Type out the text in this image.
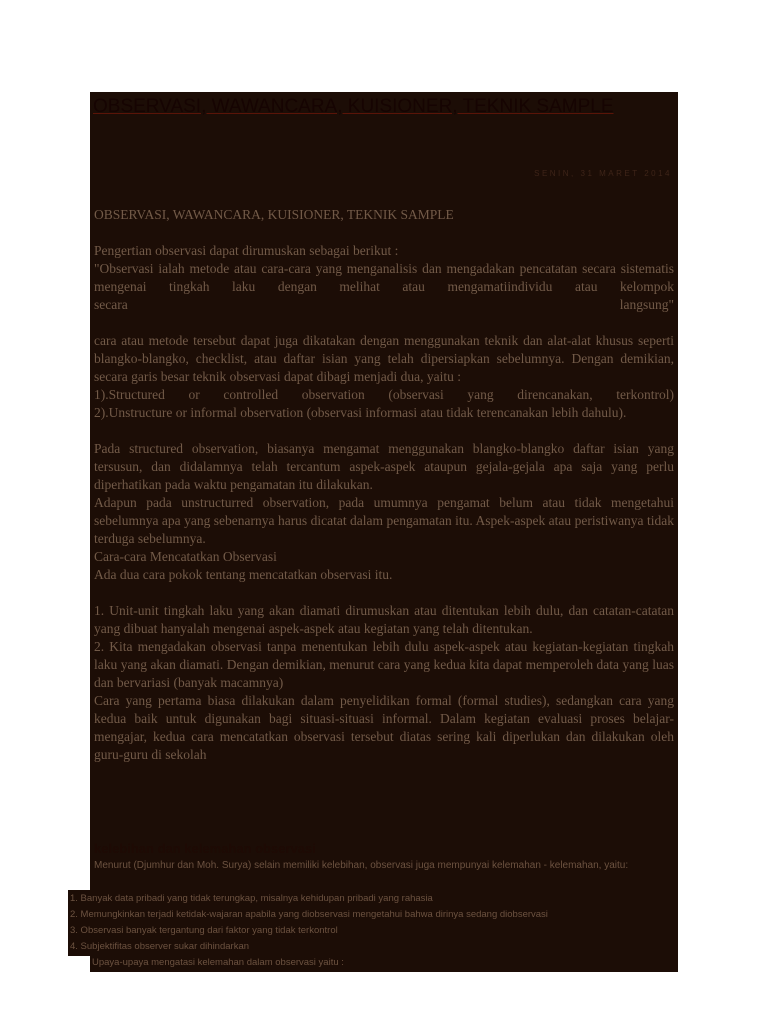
OBSERVASI, WAWANCARA, KUISIONER, TEKNIK SAMPLE
SENIN, 31 MARET 2014

OBSERVASI, WAWANCARA, KUISIONER, TEKNIK SAMPLE

Pengertian observasi dapat dirumuskan sebagai berikut :

"Observasi ialah metode atau cara-cara yang menganalisis dan mengadakan pencatatan secara sistematis mengenai tingkah laku dengan melihat atau mengamatiindividu atau kelompok

secara	langsung"

cara atau metode tersebut dapat juga dikatakan dengan menggunakan teknik dan alat-alat khusus seperti blangko-blangko, checklist, atau daftar isian yang telah dipersiapkan sebelumnya. Dengan demikian, secara garis besar teknik observasi dapat dibagi menjadi dua, yaitu :

1).Structured or controlled observation (observasi yang direncanakan, terkontrol)

2).Unstructure or informal observation (observasi informasi atau tidak terencanakan lebih dahulu).

Pada structured observation, biasanya mengamat menggunakan blangko-blangko daftar isian yang tersusun, dan didalamnya telah tercantum aspek-aspek ataupun gejala-gejala apa saja yang perlu diperhatikan pada waktu pengamatan itu dilakukan.

Adapun pada unstructurred observation, pada umumnya pengamat belum atau tidak mengetahui sebelumnya apa yang sebenarnya harus dicatat dalam pengamatan itu. Aspek-aspek atau peristiwanya tidak terduga sebelumnya.

Cara-cara Mencatatkan Observasi

Ada dua cara pokok tentang mencatatkan observasi itu.

1. Unit-unit tingkah laku yang akan diamati dirumuskan atau ditentukan lebih dulu, dan catatan-catatan yang dibuat hanyalah mengenai aspek-aspek atau kegiatan yang telah ditentukan.

2. Kita mengadakan observasi tanpa menentukan lebih dulu aspek-aspek atau kegiatan-kegiatan tingkah laku yang akan diamati. Dengan demikian, menurut cara yang kedua kita dapat memperoleh data yang luas dan bervariasi (banyak macamnya)

Cara yang pertama biasa dilakukan dalam penyelidikan formal (formal studies), sedangkan cara yang kedua baik untuk digunakan bagi situasi-situasi informal. Dalam kegiatan evaluasi proses belajar-mengajar, kedua cara mencatatkan observasi tersebut diatas sering kali diperlukan dan dilakukan oleh guru-guru di sekolah

kelebihan dan kelemahan observasi

Menurut (Djumhur dan Moh. Surya) selain memiliki kelebihan, observasi juga mempunyai kelemahan - kelemahan, yaitu:

1. Banyak data pribadi yang tidak terungkap, misalnya kehidupan pribadi yang rahasia
2. Memungkinkan terjadi ketidak-wajaran apabila yang diobservasi mengetahui bahwa dirinya sedang diobservasi
3. Observasi banyak tergantung dari faktor yang tidak terkontrol
4. Subjektifitas observer sukar dihindarkan
Upaya-upaya mengatasi kelemahan dalam observasi yaitu :
